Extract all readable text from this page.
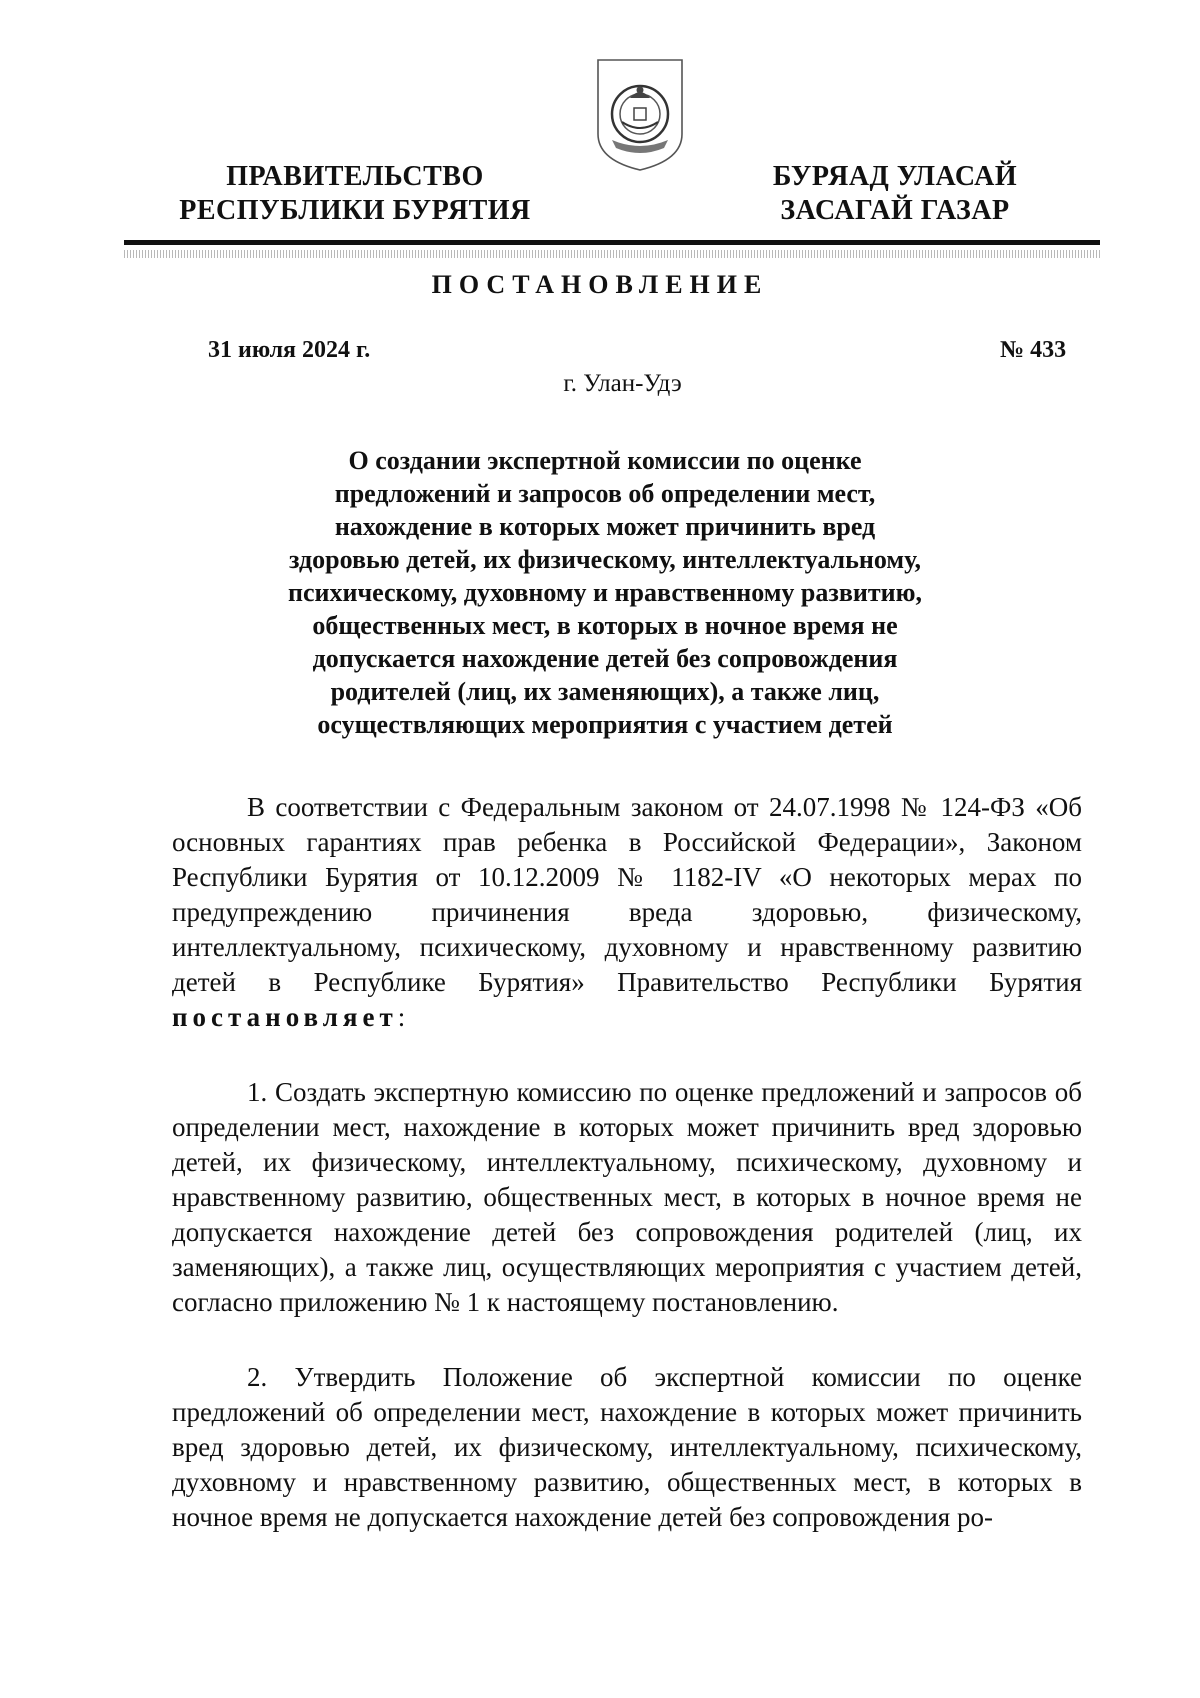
ПРАВИТЕЛЬСТВО
РЕСПУБЛИКИ БУРЯТИЯ
БУРЯАД УЛАСАЙ
ЗАСАГАЙ ГАЗАР
ПОСТАНОВЛЕНИЕ
31 июля 2024 г.	№ 433
г. Улан-Удэ
О создании экспертной комиссии по оценке
предложений и запросов об определении мест,
нахождение в которых может причинить вред
здоровью детей, их физическому, интеллектуальному,
психическому, духовному и нравственному развитию,
общественных мест, в которых в ночное время не
допускается нахождение детей без сопровождения
родителей (лиц, их заменяющих), а также лиц,
осуществляющих мероприятия с участием детей

В соответствии с Федеральным законом от 24.07.1998 № 124-ФЗ «Об основных гарантиях прав ребенка в Российской Федерации», Законом Республики Бурятия от 10.12.2009 № 1182-IV «О некоторых мерах по предупреждению причинения вреда здоровью, физическому, интеллектуальному, психическому, духовному и нравственному развитию детей в Республике Бурятия» Правительство Республики Бурятия постановляет:

1. Создать экспертную комиссию по оценке предложений и запросов об определении мест, нахождение в которых может причинить вред здоровью детей, их физическому, интеллектуальному, психическому, духовному и нравственному развитию, общественных мест, в которых в ночное время не допускается нахождение детей без сопровождения родителей (лиц, их заменяющих), а также лиц, осуществляющих мероприятия с участием детей, согласно приложению № 1 к настоящему постановлению.

2. Утвердить Положение об экспертной комиссии по оценке предложений об определении мест, нахождение в которых может причинить вред здоровью детей, их физическому, интеллектуальному, психическому, духовному и нравственному развитию, общественных мест, в которых в ночное время не допускается нахождение детей без сопровождения ро-
